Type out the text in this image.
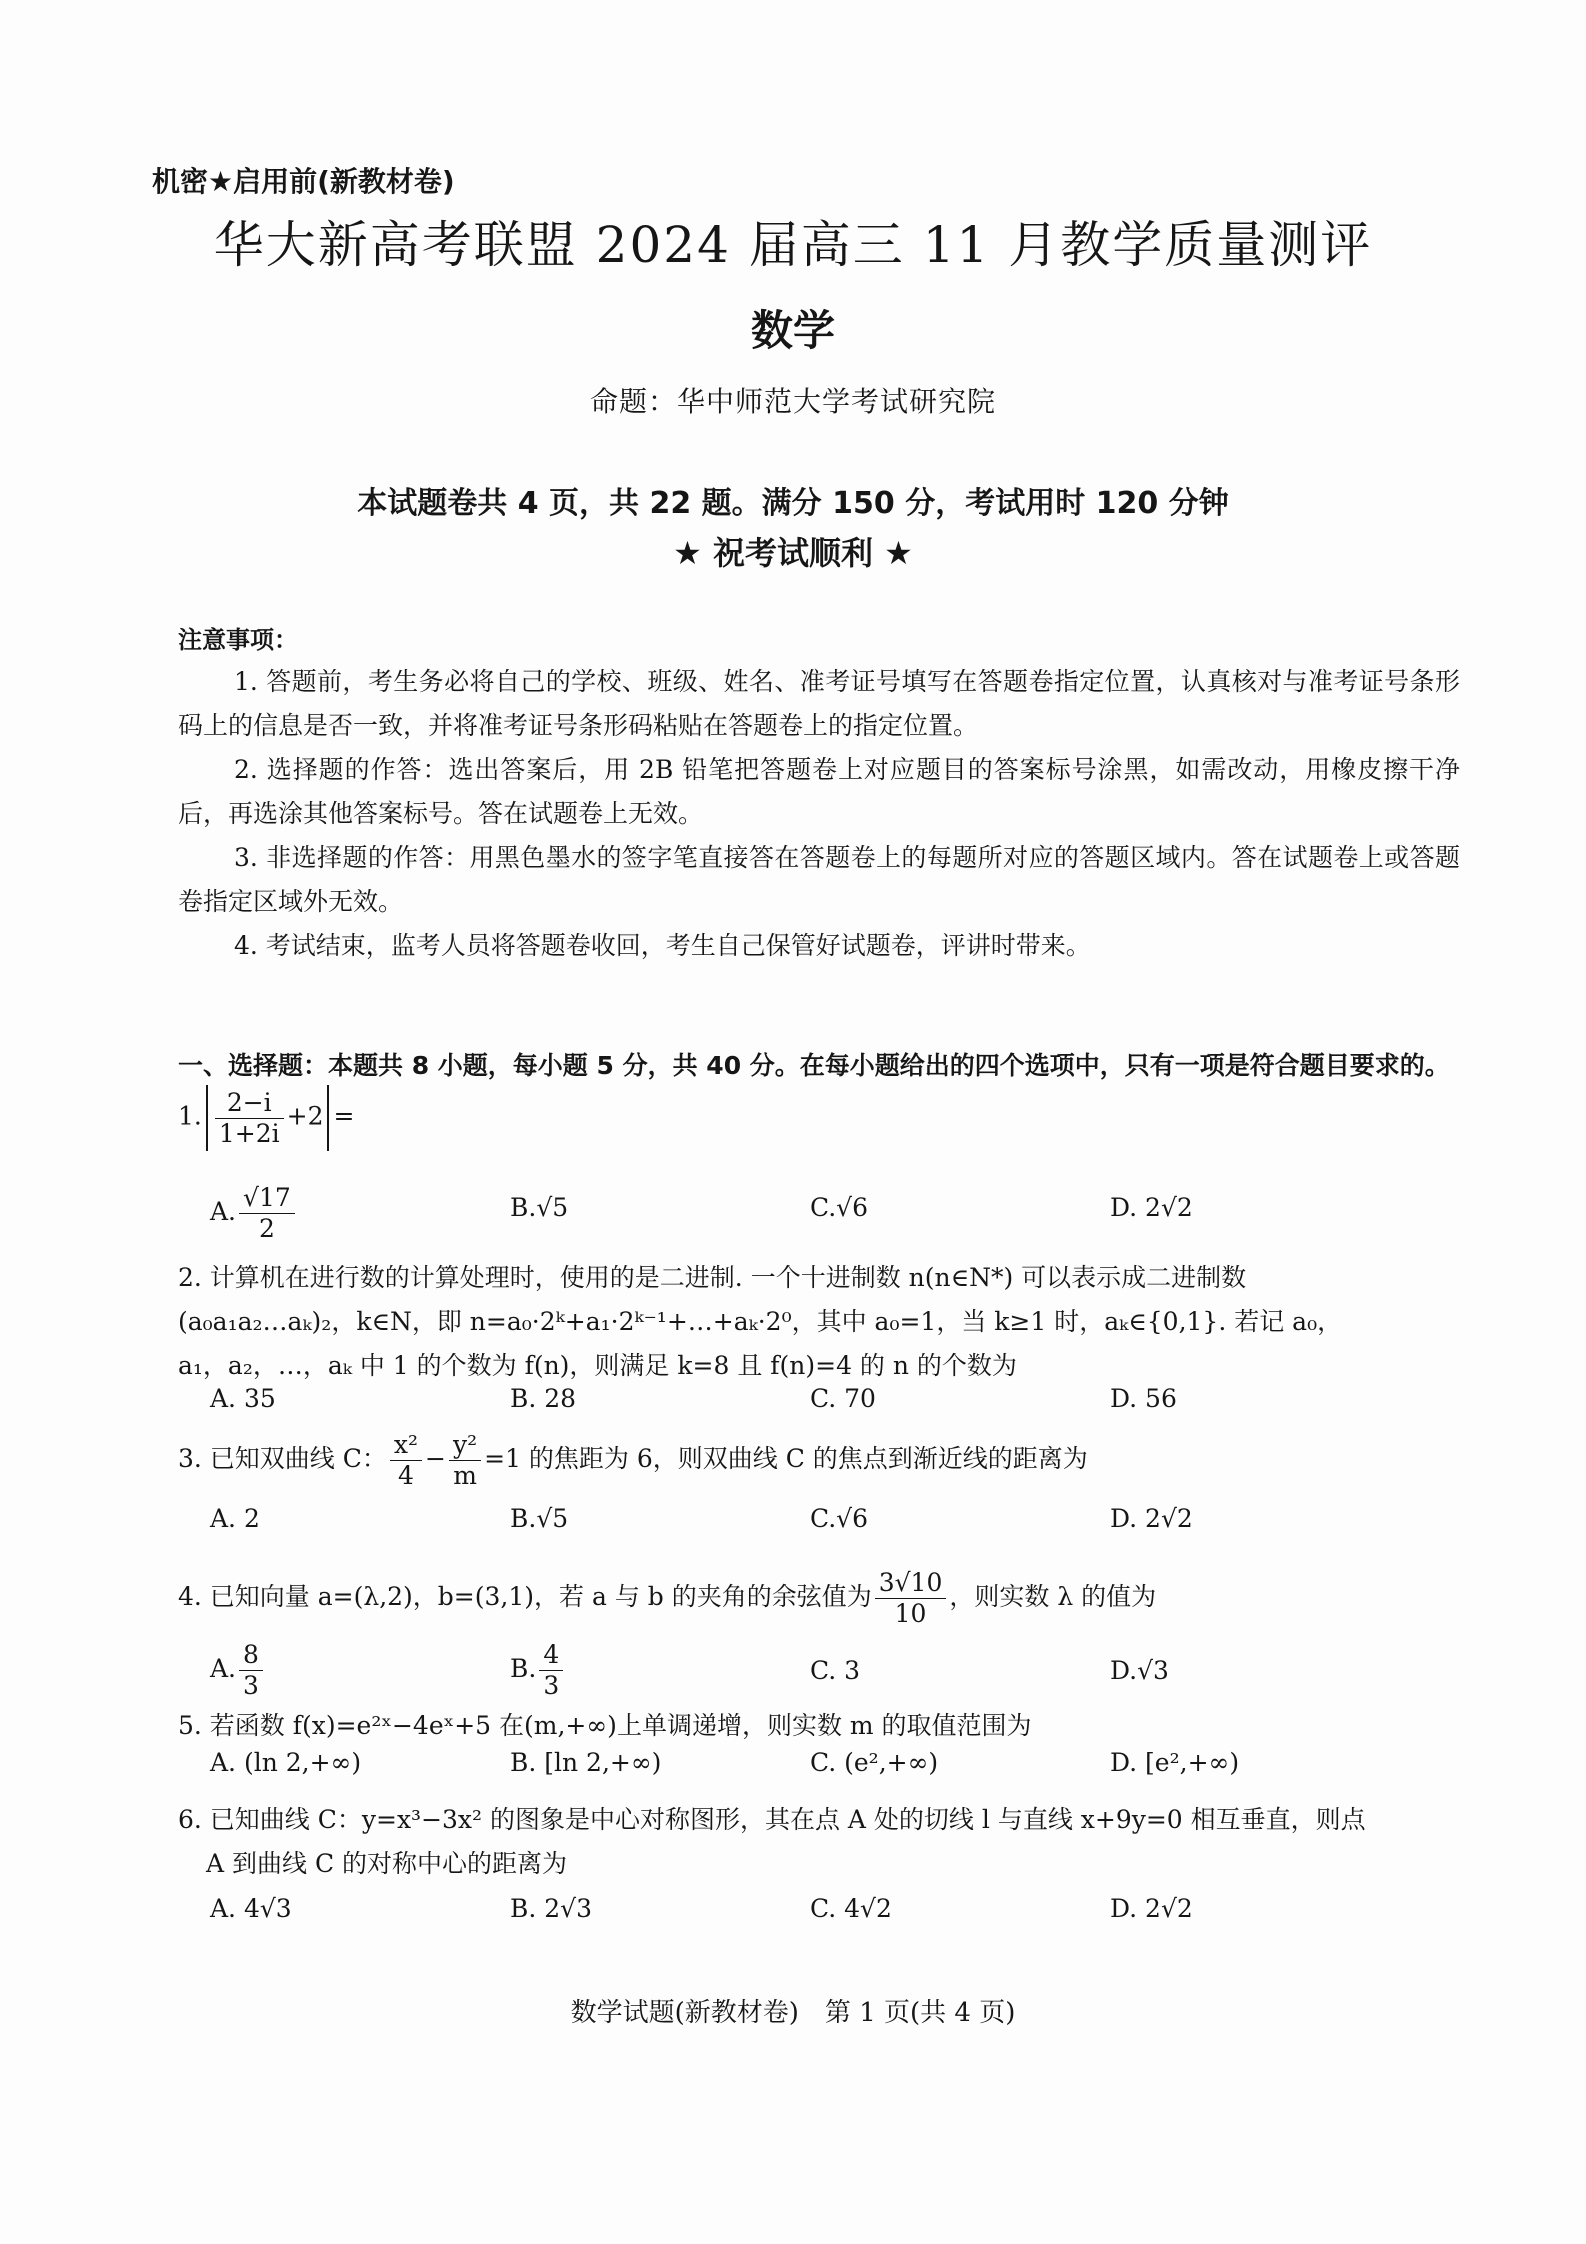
机密★启用前(新教材卷)
华大新高考联盟 2024 届高三 11 月教学质量测评
数学
命题：华中师范大学考试研究院
本试题卷共 4 页，共 22 题。满分 150 分，考试用时 120 分钟
★ 祝考试顺利 ★
注意事项：

1. 答题前，考生务必将自己的学校、班级、姓名、准考证号填写在答题卷指定位置，认真核对与准考证号条形码上的信息是否一致，并将准考证号条形码粘贴在答题卷上的指定位置。

2. 选择题的作答：选出答案后，用 2B 铅笔把答题卷上对应题目的答案标号涂黑，如需改动，用橡皮擦干净后，再选涂其他答案标号。答在试题卷上无效。

3. 非选择题的作答：用黑色墨水的签字笔直接答在答题卷上的每题所对应的答题区域内。答在试题卷上或答题卷指定区域外无效。

4. 考试结束，监考人员将答题卷收回，考生自己保管好试题卷，评讲时带来。

一、选择题：本题共 8 小题，每小题 5 分，共 40 分。在每小题给出的四个选项中，只有一项是符合题目要求的。
1. $\frac{2-i}{1+2i} +2$ =
A. $\frac{√17}{2}$	B.√5	C.√6	D. 2√2
2. 计算机在进行数的计算处理时，使用的是二进制. 一个十进制数 n(n∈N*) 可以表示成二进制数
(a₀a₁a₂…aₖ)₂，k∈N，即 n=a₀·2ᵏ+a₁·2ᵏ⁻¹+…+aₖ·2⁰，其中 a₀=1，当 k≥1 时，aₖ∈{0,1}. 若记 a₀，
a₁，a₂，…，aₖ 中 1 的个数为 f(n)，则满足 k=8 且 f(n)=4 的 n 的个数为
A. 35	B. 28	C. 70	D. 56
3. 已知双曲线 C： $\frac{\text{x²}}{4} - \frac{\text{y²}}{m} =1$ 的焦距为 6，则双曲线 C 的焦点到渐近线的距离为
A. 2	B.√5	C.√6	D. 2√2
4. 已知向量 a=(λ,2)，b=(3,1)，若 a 与 b 的夹角的余弦值为 $\frac{3√10}{10}$ ，则实数 λ 的值为
A. $\frac{8}{3}$	B. $\frac{4}{3}$	C. 3	D.√3
5. 若函数 f(x)=e²ˣ−4eˣ+5 在(m,+∞)上单调递增，则实数 m 的取值范围为
A. (ln 2,+∞)	B. [ln 2,+∞)	C. (e²,+∞)	D. [e²,+∞)
6. 已知曲线 C：y=x³−3x² 的图象是中心对称图形，其在点 A 处的切线 l 与直线 x+9y=0 相互垂直，则点
A 到曲线 C 的对称中心的距离为
A. 4√3	B. 2√3	C. 4√2	D. 2√2
数学试题(新教材卷)　第 1 页(共 4 页)
